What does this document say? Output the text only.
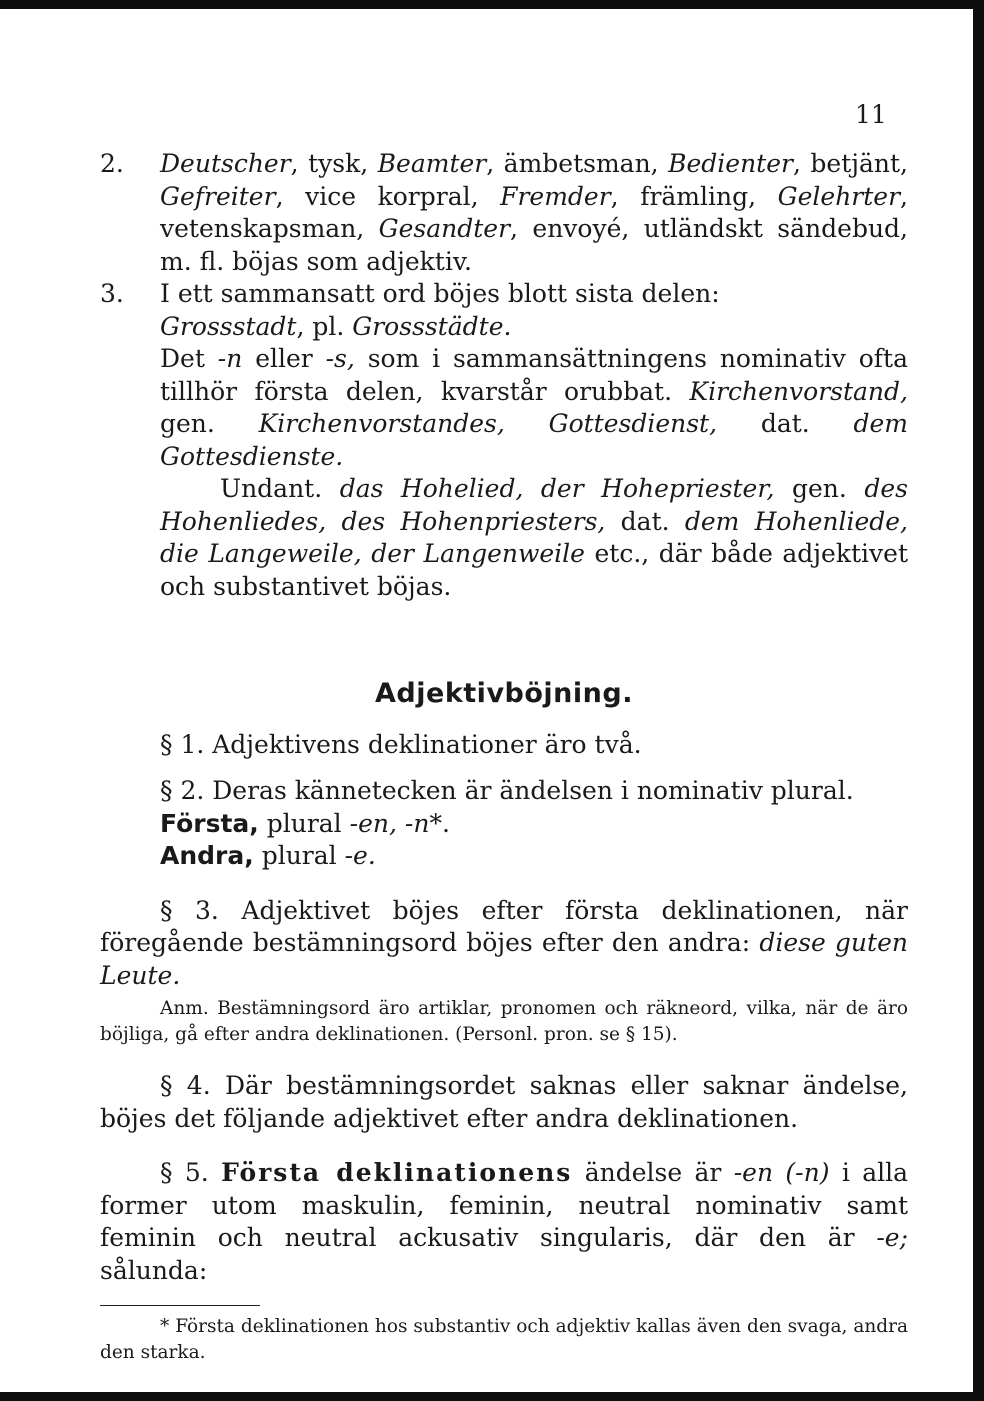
11
2.	Deutscher, tysk, Beamter, ämbetsman, Bedienter, betjänt, Gefreiter, vice korpral, Fremder, främling, Gelehrter, vetenskapsman, Gesandter, envoyé, utländskt sändebud, m. fl. böjas som adjektiv.
3.	I ett sammansatt ord böjes blott sista delen:
Grossstadt, pl. Grossstädte.
Det -n eller -s, som i sammansättningens nominativ ofta tillhör första delen, kvarstår orubbat. Kirchenvorstand, gen. Kirchenvorstandes, Gottesdienst, dat. dem Gottesdienste.
Undant. das Hohelied, der Hohepriester, gen. des Hohenliedes, des Hohenpriesters, dat. dem Hohenliede, die Langeweile, der Langenweile etc., där både adjektivet och substantivet böjas.
Adjektivböjning.

§ 1. Adjektivens deklinationer äro två.

§ 2. Deras kännetecken är ändelsen i nominativ plural.

Första, plural -en, -n*.

Andra, plural -e.

§ 3. Adjektivet böjes efter första deklinationen, när föregående bestämningsord böjes efter den andra: diese guten Leute.

Anm. Bestämningsord äro artiklar, pronomen och räkneord, vilka, när de äro böjliga, gå efter andra deklinationen. (Personl. pron. se § 15).

§ 4. Där bestämningsordet saknas eller saknar ändelse, böjes det följande adjektivet efter andra deklinationen.

§ 5. Första deklinationens ändelse är -en (-n) i alla former utom maskulin, feminin, neutral nominativ samt feminin och neutral ackusativ singularis, där den är -e; sålunda:

* Första deklinationen hos substantiv och adjektiv kallas även den svaga, andra den starka.
